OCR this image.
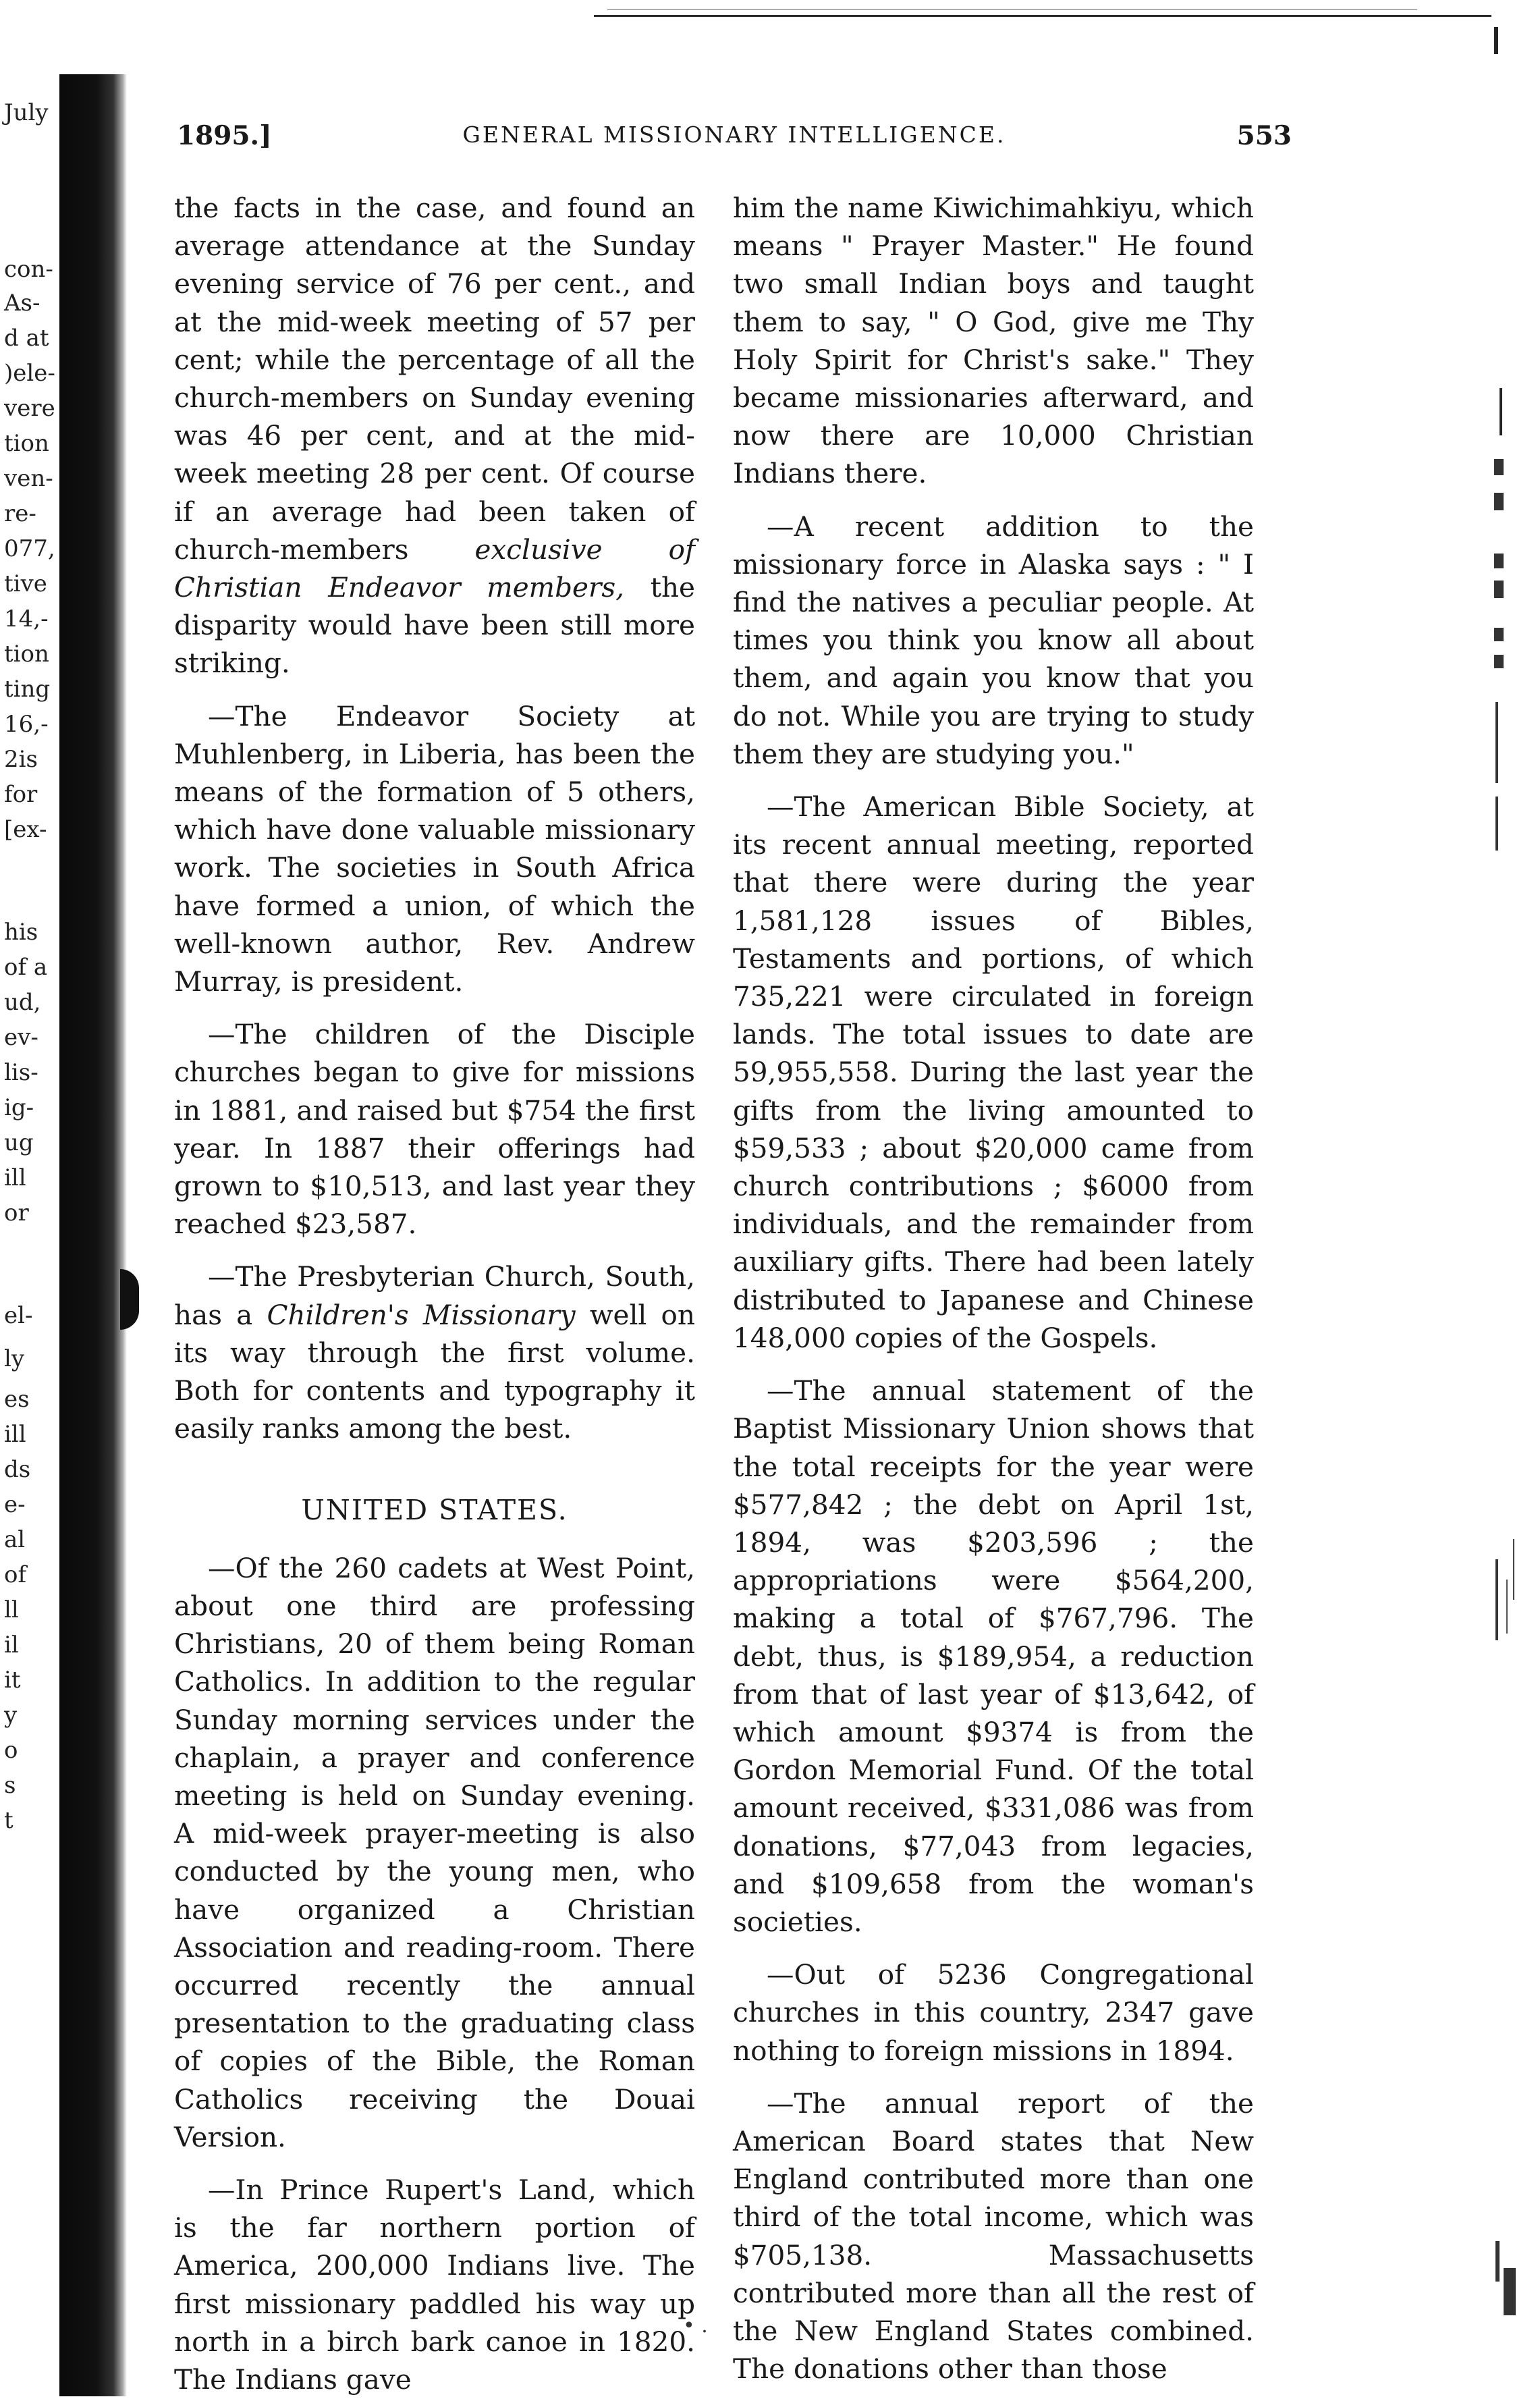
July
con-
As-
d at
)ele-
vere
tion
ven-
re-
077,
tive
14,-
tion
ting
16,-
2is
for
[ex-
his
of a
ud,
ev-
lis-
ig-
ug
ill
or
el-
ly
es
ill
ds
e-
al
of
ll
il
it
y
o
s
t
1895.]	GENERAL MISSIONARY INTELLIGENCE.	553

the facts in the case, and found an average attendance at the Sunday evening service of 76 per cent., and at the mid-week meeting of 57 per cent; while the percentage of all the church-members on Sunday evening was 46 per cent, and at the mid-week meeting 28 per cent. Of course if an average had been taken of church-members exclusive of Christian Endeavor members, the disparity would have been still more striking.

—The Endeavor Society at Muhlenberg, in Liberia, has been the means of the formation of 5 others, which have done valuable missionary work. The societies in South Africa have formed a union, of which the well-known author, Rev. Andrew Murray, is president.

—The children of the Disciple churches began to give for missions in 1881, and raised but $754 the first year. In 1887 their offerings had grown to $10,513, and last year they reached $23,587.

—The Presbyterian Church, South, has a Children's Missionary well on its way through the first volume. Both for contents and typography it easily ranks among the best.

UNITED STATES.

—Of the 260 cadets at West Point, about one third are professing Christians, 20 of them being Roman Catholics. In addition to the regular Sunday morning services under the chaplain, a prayer and conference meeting is held on Sunday evening. A mid-week prayer-meeting is also conducted by the young men, who have organized a Christian Association and reading-room. There occurred recently the annual presentation to the graduating class of copies of the Bible, the Roman Catholics receiving the Douai Version.

—In Prince Rupert's Land, which is the far northern portion of America, 200,000 Indians live. The first missionary paddled his way up north in a birch bark canoe in 1820. The Indians gave

him the name Kiwichimahkiyu, which means " Prayer Master." He found two small Indian boys and taught them to say, " O God, give me Thy Holy Spirit for Christ's sake." They became missionaries afterward, and now there are 10,000 Christian Indians there.

—A recent addition to the missionary force in Alaska says : " I find the natives a peculiar people. At times you think you know all about them, and again you know that you do not. While you are trying to study them they are studying you."

—The American Bible Society, at its recent annual meeting, reported that there were during the year 1,581,128 issues of Bibles, Testaments and portions, of which 735,221 were circulated in foreign lands. The total issues to date are 59,955,558. During the last year the gifts from the living amounted to $59,533 ; about $20,000 came from church contributions ; $6000 from individuals, and the remainder from auxiliary gifts. There had been lately distributed to Japanese and Chinese 148,000 copies of the Gospels.

—The annual statement of the Baptist Missionary Union shows that the total receipts for the year were $577,842 ; the debt on April 1st, 1894, was $203,596 ; the appropriations were $564,200, making a total of $767,796. The debt, thus, is $189,954, a reduction from that of last year of $13,642, of which amount $9374 is from the Gordon Memorial Fund. Of the total amount received, $331,086 was from donations, $77,043 from legacies, and $109,658 from the woman's societies.

—Out of 5236 Congregational churches in this country, 2347 gave nothing to foreign missions in 1894.

—The annual report of the American Board states that New England contributed more than one third of the total income, which was $705,138. Massachusetts contributed more than all the rest of the New England States combined. The donations other than those

• .
